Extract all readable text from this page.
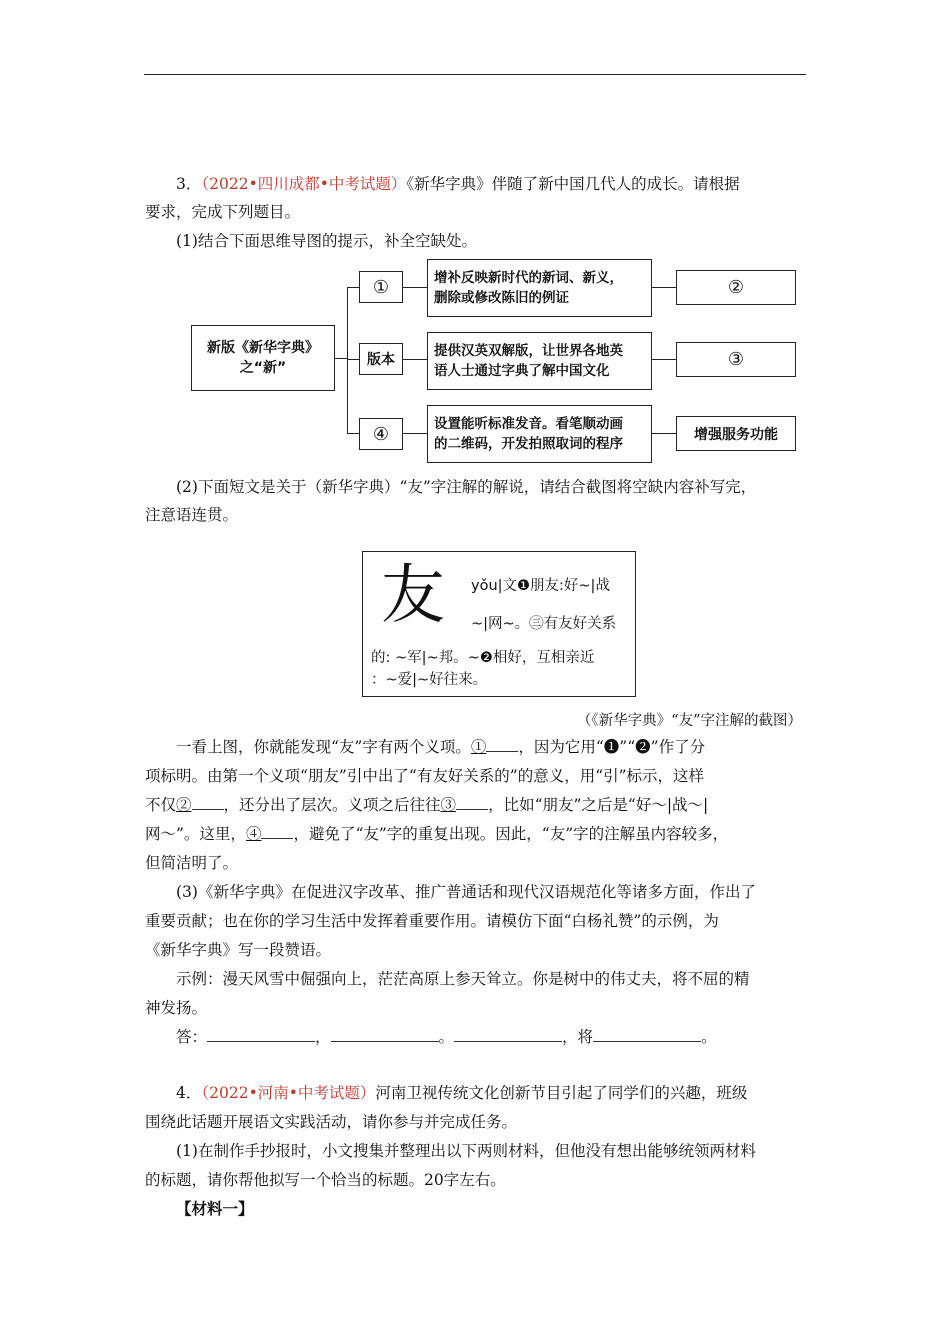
3．（2022•四川成都•中考试题）《新华字典》伴随了新中国几代人的成长。请根据
要求，完成下列题目。
(1)结合下面思维导图的提示，补全空缺处。
新版《新华字典》
之“新”
①
版本
④
增补反映新时代的新词、新义，
删除或修改陈旧的例证
提供汉英双解版，让世界各地英
语人士通过字典了解中国文化
设置能听标准发音。看笔顺动画
的二维码，开发拍照取词的程序
②
③
增强服务功能
(2)下面短文是关于（新华字典）“友”字注解的解说，请结合截图将空缺内容补写完，
注意语连贯。
友 yǒu|文❶朋友:好~|战
~|网~。㊂有友好关系
的: ~军|~邦。~❷相好，互相亲近
：~爱|~好往来。
（《新华字典》“友”字注解的截图）
一看上图，你就能发现“友”字有两个义项。① ，因为它用“❶”“❷”作了分
项标明。由第一个义项“朋友”引中出了“有友好关系的”的意义，用“引”标示，这样
不仅② ，还分出了层次。义项之后往往③ ，比如“朋友”之后是“好～|战～|
网～”。这里，④ ，避免了“友”字的重复出现。因此，“友”字的注解虽内容较多，
但简洁明了。
(3)《新华字典》在促进汉字改革、推广普通话和现代汉语规范化等诸多方面，作出了
重要贡献；也在你的学习生活中发挥着重要作用。请模仿下面“白杨礼赞”的示例，为
《新华字典》写一段赞语。
示例：漫天风雪中倔强向上，茫茫高原上参天耸立。你是树中的伟丈夫，将不屈的精
神发扬。
答：	，	。	，将	。
4．（2022•河南•中考试题）河南卫视传统文化创新节目引起了同学们的兴趣，班级
围绕此话题开展语文实践活动，请你参与并完成任务。
(1)在制作手抄报时，小文搜集并整理出以下两则材料，但他没有想出能够统领两材料
的标题，请你帮他拟写一个恰当的标题。20字左右。
【材料一】
